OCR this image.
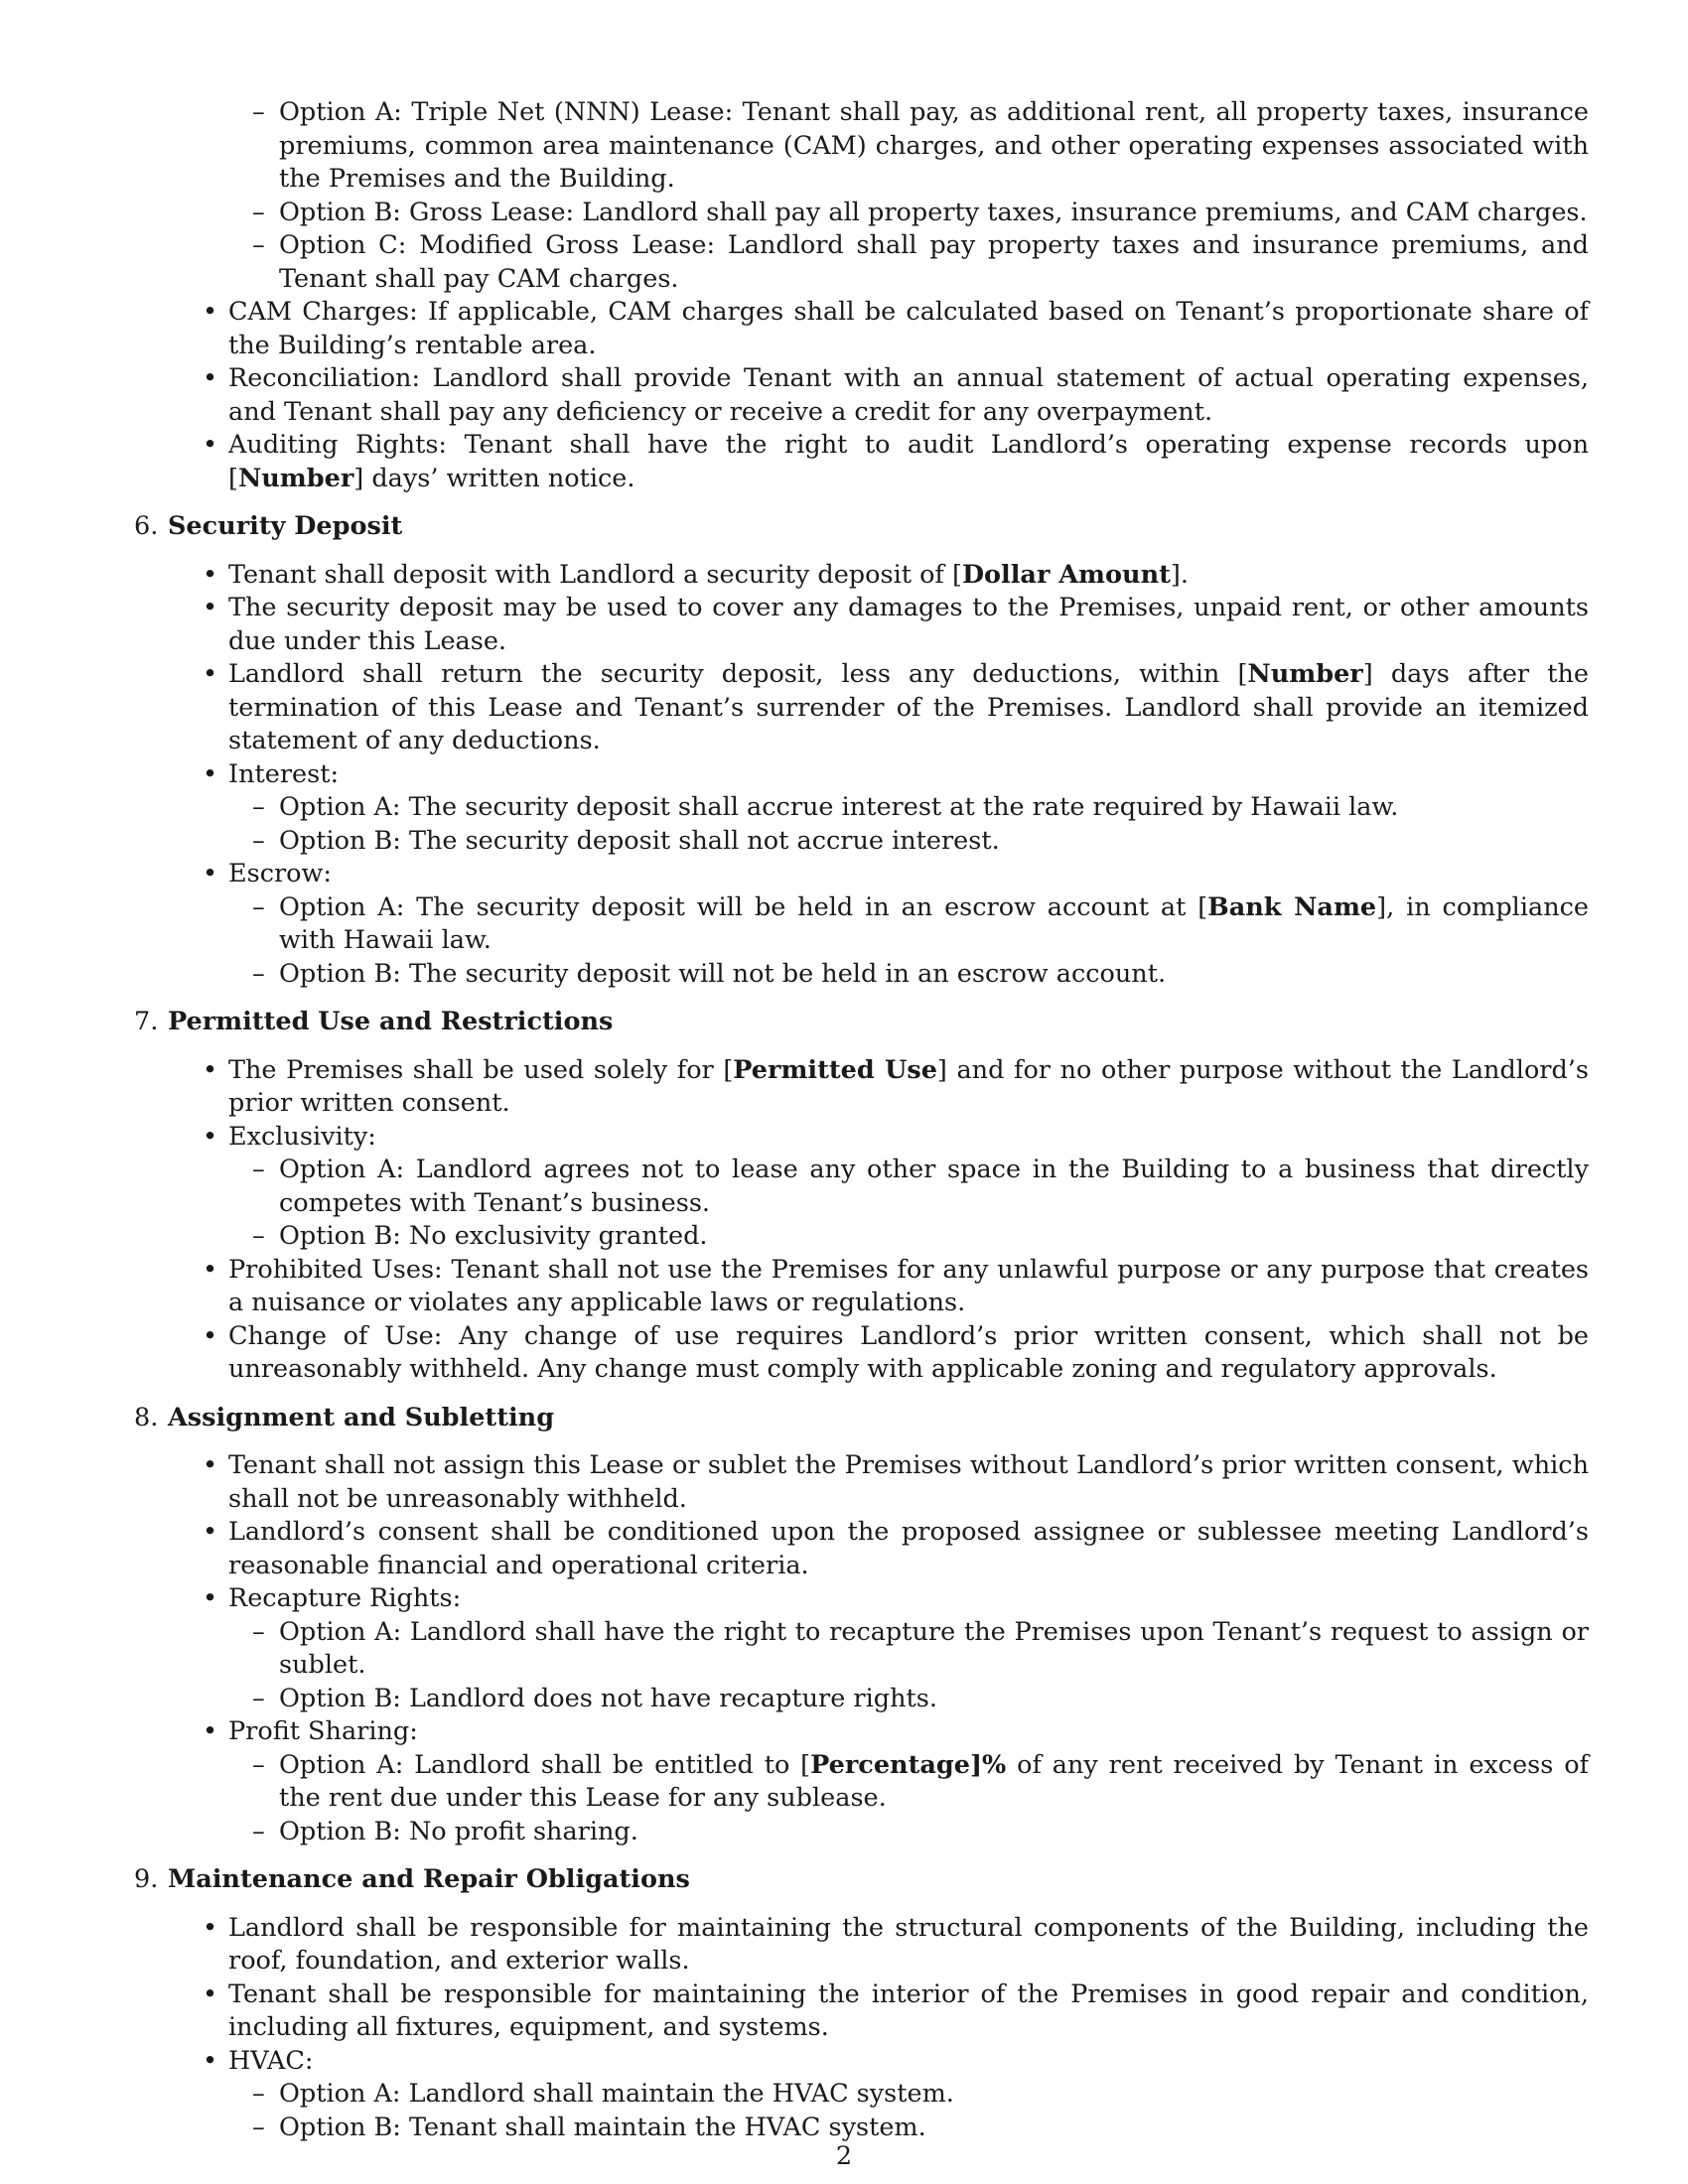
– Option A: Triple Net (NNN) Lease: Tenant shall pay, as additional rent, all property taxes, insurance premiums, common area maintenance (CAM) charges, and other operating expenses associated with the Premises and the Building.
– Option B: Gross Lease: Landlord shall pay all property taxes, insurance premiums, and CAM charges.
– Option C: Modified Gross Lease: Landlord shall pay property taxes and insurance premiums, and Tenant shall pay CAM charges.
• CAM Charges: If applicable, CAM charges shall be calculated based on Tenant’s proportionate share of the Building’s rentable area.
• Reconciliation: Landlord shall provide Tenant with an annual statement of actual operating expenses, and Tenant shall pay any deficiency or receive a credit for any overpayment.
• Auditing Rights: Tenant shall have the right to audit Landlord’s operating expense records upon [Number] days’ written notice.
6. Security Deposit
• Tenant shall deposit with Landlord a security deposit of [Dollar Amount].
• The security deposit may be used to cover any damages to the Premises, unpaid rent, or other amounts due under this Lease.
• Landlord shall return the security deposit, less any deductions, within [Number] days after the termination of this Lease and Tenant’s surrender of the Premises. Landlord shall provide an itemized statement of any deductions.
• Interest:
– Option A: The security deposit shall accrue interest at the rate required by Hawaii law.
– Option B: The security deposit shall not accrue interest.
• Escrow:
– Option A: The security deposit will be held in an escrow account at [Bank Name], in compliance with Hawaii law.
– Option B: The security deposit will not be held in an escrow account.
7. Permitted Use and Restrictions
• The Premises shall be used solely for [Permitted Use] and for no other purpose without the Landlord’s prior written consent.
• Exclusivity:
– Option A: Landlord agrees not to lease any other space in the Building to a business that directly competes with Tenant’s business.
– Option B: No exclusivity granted.
• Prohibited Uses: Tenant shall not use the Premises for any unlawful purpose or any purpose that creates a nuisance or violates any applicable laws or regulations.
• Change of Use: Any change of use requires Landlord’s prior written consent, which shall not be unreasonably withheld. Any change must comply with applicable zoning and regulatory approvals.
8. Assignment and Subletting
• Tenant shall not assign this Lease or sublet the Premises without Landlord’s prior written consent, which shall not be unreasonably withheld.
• Landlord’s consent shall be conditioned upon the proposed assignee or sublessee meeting Landlord’s reasonable financial and operational criteria.
• Recapture Rights:
– Option A: Landlord shall have the right to recapture the Premises upon Tenant’s request to assign or sublet.
– Option B: Landlord does not have recapture rights.
• Profit Sharing:
– Option A: Landlord shall be entitled to [Percentage]% of any rent received by Tenant in excess of the rent due under this Lease for any sublease.
– Option B: No profit sharing.
9. Maintenance and Repair Obligations
• Landlord shall be responsible for maintaining the structural components of the Building, including the roof, foundation, and exterior walls.
• Tenant shall be responsible for maintaining the interior of the Premises in good repair and condition, including all fixtures, equipment, and systems.
• HVAC:
– Option A: Landlord shall maintain the HVAC system.
– Option B: Tenant shall maintain the HVAC system.
2
